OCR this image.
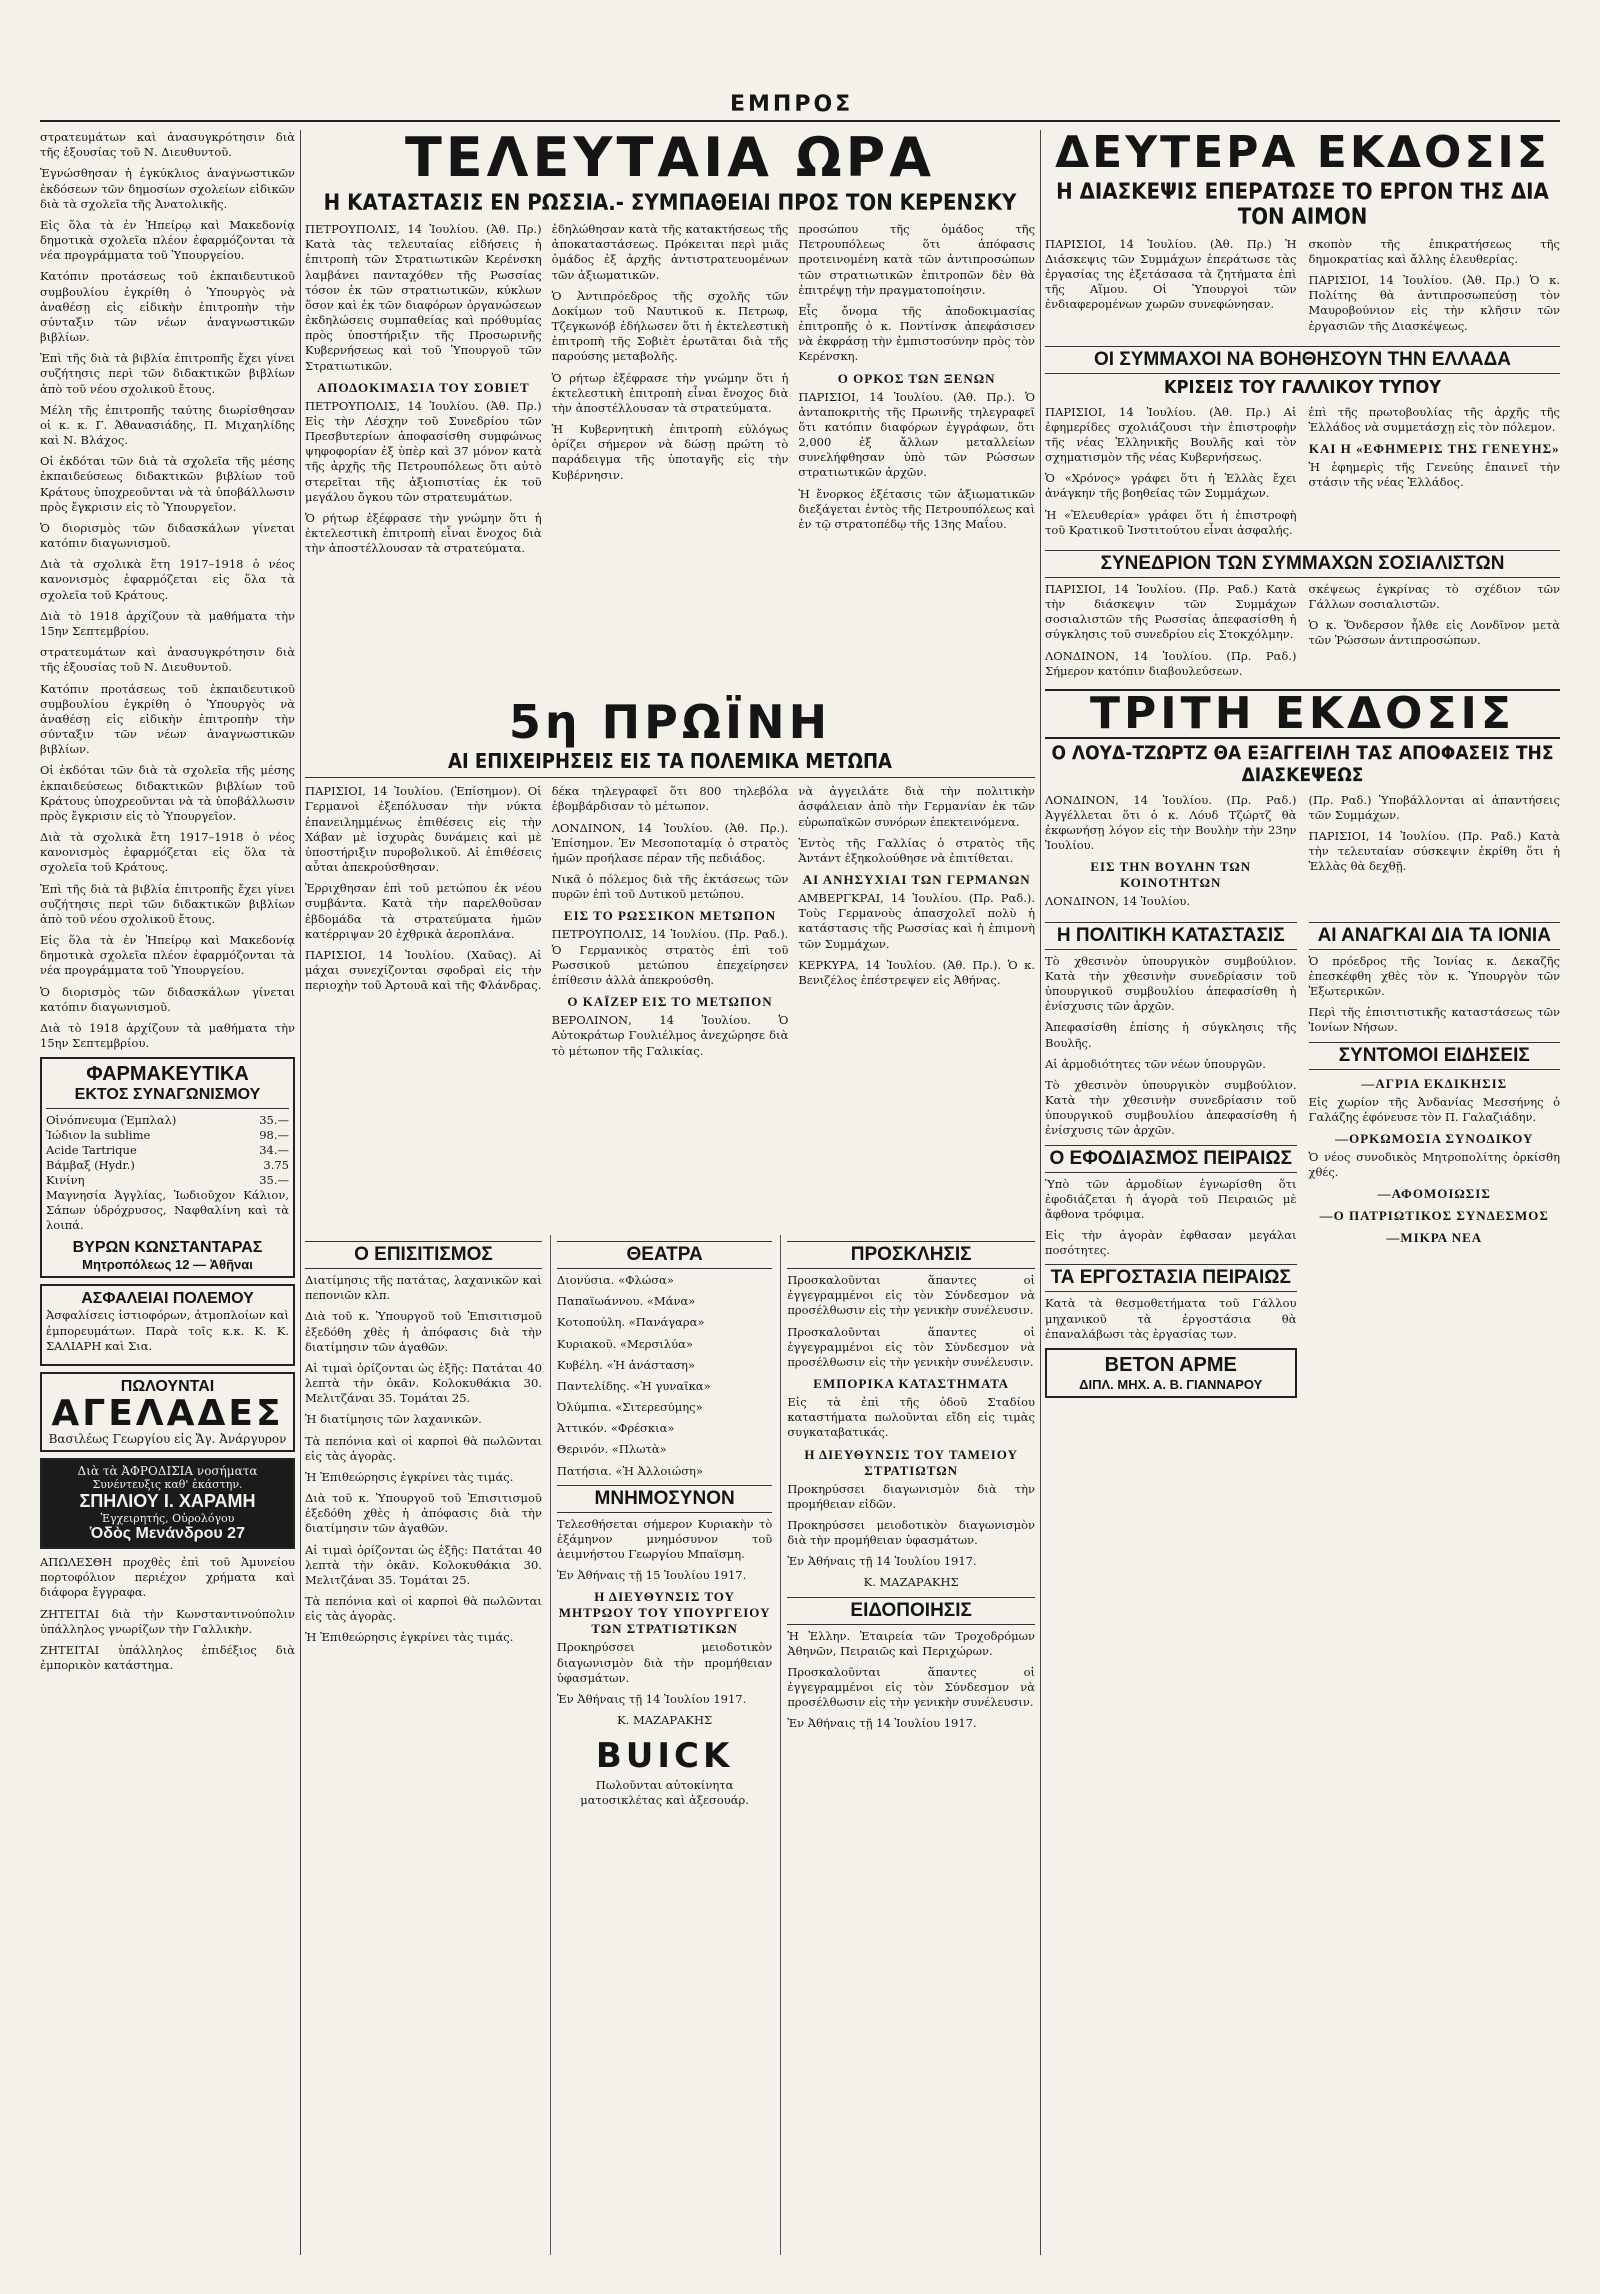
ΕΜΠΡΟΣ

στρατευμάτων καὶ ἀνασυγκρότησιν διὰ τῆς ἐξουσίας τοῦ Ν. Διευθυντοῦ.

Ἐγνώσθησαν ἡ ἐγκύκλιος ἀναγνωστικῶν ἐκδόσεων τῶν δημοσίων σχολείων εἰδικῶν διὰ τὰ σχολεῖα τῆς Ἀνατολικῆς.

Εἰς ὅλα τὰ ἐν Ἠπείρῳ καὶ Μακεδονίᾳ δημοτικὰ σχολεῖα πλέον ἐφαρμόζονται τὰ νέα προγράμματα τοῦ Ὑπουργείου.

Κατόπιν προτάσεως τοῦ ἐκπαιδευτικοῦ συμβουλίου ἐγκρίθη ὁ Ὑπουργὸς νὰ ἀναθέσῃ εἰς εἰδικὴν ἐπιτροπὴν τὴν σύνταξιν τῶν νέων ἀναγνωστικῶν βιβλίων.

Ἐπὶ τῆς διὰ τὰ βιβλία ἐπιτροπῆς ἔχει γίνει συζήτησις περὶ τῶν διδακτικῶν βιβλίων ἀπὸ τοῦ νέου σχολικοῦ ἔτους.

Μέλη τῆς ἐπιτροπῆς ταύτης διωρίσθησαν οἱ κ. κ. Γ. Ἀθανασιάδης, Π. Μιχαηλίδης καὶ Ν. Βλάχος.

Οἱ ἐκδόται τῶν διὰ τὰ σχολεῖα τῆς μέσης ἐκπαιδεύσεως διδακτικῶν βιβλίων τοῦ Κράτους ὑποχρεοῦνται νὰ τὰ ὑποβάλλωσιν πρὸς ἔγκρισιν εἰς τὸ Ὑπουργεῖον.

Ὁ διορισμὸς τῶν διδασκάλων γίνεται κατόπιν διαγωνισμοῦ.

Διὰ τὰ σχολικὰ ἔτη 1917–1918 ὁ νέος κανονισμὸς ἐφαρμόζεται εἰς ὅλα τὰ σχολεῖα τοῦ Κράτους.

Διὰ τὸ 1918 ἀρχίζουν τὰ μαθήματα τὴν 15ην Σεπτεμβρίου.

στρατευμάτων καὶ ἀνασυγκρότησιν διὰ τῆς ἐξουσίας τοῦ Ν. Διευθυντοῦ.

Κατόπιν προτάσεως τοῦ ἐκπαιδευτικοῦ συμβουλίου ἐγκρίθη ὁ Ὑπουργὸς νὰ ἀναθέσῃ εἰς εἰδικὴν ἐπιτροπὴν τὴν σύνταξιν τῶν νέων ἀναγνωστικῶν βιβλίων.

Οἱ ἐκδόται τῶν διὰ τὰ σχολεῖα τῆς μέσης ἐκπαιδεύσεως διδακτικῶν βιβλίων τοῦ Κράτους ὑποχρεοῦνται νὰ τὰ ὑποβάλλωσιν πρὸς ἔγκρισιν εἰς τὸ Ὑπουργεῖον.

Διὰ τὰ σχολικὰ ἔτη 1917–1918 ὁ νέος κανονισμὸς ἐφαρμόζεται εἰς ὅλα τὰ σχολεῖα τοῦ Κράτους.

Ἐπὶ τῆς διὰ τὰ βιβλία ἐπιτροπῆς ἔχει γίνει συζήτησις περὶ τῶν διδακτικῶν βιβλίων ἀπὸ τοῦ νέου σχολικοῦ ἔτους.

Εἰς ὅλα τὰ ἐν Ἠπείρῳ καὶ Μακεδονίᾳ δημοτικὰ σχολεῖα πλέον ἐφαρμόζονται τὰ νέα προγράμματα τοῦ Ὑπουργείου.

Ὁ διορισμὸς τῶν διδασκάλων γίνεται κατόπιν διαγωνισμοῦ.

Διὰ τὸ 1918 ἀρχίζουν τὰ μαθήματα τὴν 15ην Σεπτεμβρίου.

ΦΑΡΜΑΚΕΥΤΙΚΑ
ΕΚΤΟΣ ΣΥΝΑΓΩΝΙΣΜΟΥ
Οἰνόπνευμα (Ἐμπλαλ)	35.—
Ἰώδιον la sublime	98.—
Acide Tartrique	34.—
Βάμβαξ (Hydr.)	3.75
Κινίνη	35.—

Μαγνησία Ἀγγλίας, Ἰωδιοῦχον Κάλιον, Σάπων ὑδρόχρυσος, Ναφθαλίνη καὶ τὰ λοιπά.

ΒΥΡΩΝ ΚΩΝΣΤΑΝΤΑΡΑΣ
Μητροπόλεως 12 — Ἀθῆναι
ΑΣΦΑΛΕΙΑΙ ΠΟΛΕΜΟΥ

Ἀσφαλίσεις ἱστιοφόρων, ἀτμοπλοίων καὶ ἐμπορευμάτων. Παρὰ τοῖς κ.κ. Κ. Κ. ΣΑΛΙΑΡΗ καὶ Σια.

ΠΩΛΟΥΝΤΑΙ
ΑΓΕΛΑΔΕΣ
Βασιλέως Γεωργίου εἰς Ἄγ. Ἀνάργυρον
Διὰ τὰ ἈΦΡΟΔΙΣΙΑ νοσήματα
Συνέντευξις καθ' ἑκάστην.
ΣΠΗΛΙΟΥ Ι. ΧΑΡΑΜΗ
Ἐγχειρητής, Οὐρολόγου
Ὁδὸς Μενάνδρου 27

ΑΠΩΛΕΣΘΗ προχθὲς ἐπὶ τοῦ Ἀμυνείου πορτοφόλιον περιέχον χρήματα καὶ διάφορα ἔγγραφα.

ΖΗΤΕΙΤΑΙ διὰ τὴν Κωνσταντινούπολιν ὑπάλληλος γνωρίζων τὴν Γαλλικὴν.

ΖΗΤΕΙΤΑΙ ὑπάλληλος ἐπιδέξιος διὰ ἐμπορικὸν κατάστημα.

ΤΕΛΕΥΤΑΙΑ ΩΡΑ
Η ΚΑΤΑΣΤΑΣΙΣ ΕΝ ΡΩΣΣΙΑ.- ΣΥΜΠΑΘΕΙΑΙ ΠΡΟΣ ΤΟΝ ΚΕΡΕΝΣΚΥ

ΠΕΤΡΟΥΠΟΛΙΣ, 14 Ἰουλίου. (Ἀθ. Πρ.) Κατὰ τὰς τελευταίας εἰδήσεις ἡ ἐπιτροπὴ τῶν Στρατιωτικῶν Κερένσκη λαμβάνει πανταχόθεν τῆς Ρωσσίας τόσον ἐκ τῶν στρατιωτικῶν, κύκλων ὅσον καὶ ἐκ τῶν διαφόρων ὀργανώσεων ἐκδηλώσεις συμπαθείας καὶ πρόθυμίας πρὸς ὑποστήριξιν τῆς Προσωρινῆς Κυβερνήσεως καὶ τοῦ Ὑπουργοῦ τῶν Στρατιωτικῶν.

ΑΠΟΔΟΚΙΜΑΣΙΑ ΤΟΥ ΣΟΒΙΕΤ

ΠΕΤΡΟΥΠΟΛΙΣ, 14 Ἰουλίου. (Ἀθ. Πρ.) Εἰς τὴν Λέσχην τοῦ Συνεδρίου τῶν Πρεσβυτερίων ἀποφασίσθη συμφώνως ψηφοφορίαν ἐξ ὑπὲρ καὶ 37 μόνον κατὰ τῆς ἀρχῆς τῆς Πετρουπόλεως ὅτι αὐτὸ στερεῖται τῆς ἀξιοπιστίας ἐκ τοῦ μεγάλου ὄγκου τῶν στρατευμάτων.

Ὁ ρήτωρ ἐξέφρασε τὴν γνώμην ὅτι ἡ ἐκτελεστικὴ ἐπιτροπὴ εἶναι ἔνοχος διὰ τὴν ἀποστέλλουσαν τὰ στρατεύματα.

ἐδηλώθησαν κατὰ τῆς κατακτήσεως τῆς ἀποκαταστάσεως. Πρόκειται περὶ μιᾶς ὁμάδος ἐξ ἀρχῆς ἀντιστρατευομένων τῶν ἀξιωματικῶν.

Ὁ Ἀντιπρόεδρος τῆς σχολῆς τῶν Δοκίμων τοῦ Ναυτικοῦ κ. Πετρωφ, Τζεγκωνόβ ἐδήλωσεν ὅτι ἡ ἐκτελεστικὴ ἐπιτροπὴ τῆς Σοβιὲτ ἐρωτᾶται διὰ τῆς παρούσης μεταβολῆς.

Ὁ ρήτωρ ἐξέφρασε τὴν γνώμην ὅτι ἡ ἐκτελεστικὴ ἐπιτροπὴ εἶναι ἔνοχος διὰ τὴν ἀποστέλλουσαν τὰ στρατεύματα.

Ἡ Κυβερνητικὴ ἐπιτροπὴ εὐλόγως ὁρίζει σήμερον νὰ δώσῃ πρώτη τὸ παράδειγμα τῆς ὑποταγῆς εἰς τὴν Κυβέρνησιν.

προσώπου τῆς ὁμάδος τῆς Πετρουπόλεως ὅτι ἀπόφασις προτεινομένη κατὰ τῶν ἀντιπροσώπων τῶν στρατιωτικῶν ἐπιτροπῶν δὲν θὰ ἐπιτρέψῃ τὴν πραγματοποίησιν.

Εἶς ὄνομα τῆς ἀποδοκιμασίας ἐπιτροπῆς ὁ κ. Ποντίνσκ ἀπεφάσισεν νὰ ἐκφράσῃ τὴν ἐμπιστοσύνην πρὸς τὸν Κερένσκη.

Ο ΟΡΚΟΣ ΤΩΝ ΞΕΝΩΝ

ΠΑΡΙΣΙΟΙ, 14 Ἰουλίου. (Ἀθ. Πρ.). Ὁ ἀνταποκριτὴς τῆς Πρωινῆς τηλεγραφεῖ ὅτι κατόπιν διαφόρων ἐγγράφων, ὅτι 2,000 ἐξ ἄλλων μεταλλείων συνελήφθησαν ὑπὸ τῶν Ρώσσων στρατιωτικῶν ἀρχῶν.

Ἡ ἔνορκος ἐξέτασις τῶν ἀξιωματικῶν διεξάγεται ἐντὸς τῆς Πετρουπόλεως καὶ ἐν τῷ στρατοπέδῳ τῆς 13ης Μαΐου.

5η ΠΡΩΪΝΗ
ΑΙ ΕΠΙΧΕΙΡΗΣΕΙΣ ΕΙΣ ΤΑ ΠΟΛΕΜΙΚΑ ΜΕΤΩΠΑ

ΠΑΡΙΣΙΟΙ, 14 Ἰουλίου. (Ἐπίσημον). Οἱ Γερμανοὶ ἐξεπόλυσαν τὴν νύκτα ἐπανειλημμένως ἐπιθέσεις εἰς τὴν Χάβαν μὲ ἰσχυρὰς δυνάμεις καὶ μὲ ὑποστήριξιν πυροβολικοῦ. Αἱ ἐπιθέσεις αὗται ἀπεκρούσθησαν.

Ἐρριχθησαν ἐπὶ τοῦ μετώπου ἐκ νέου συμβάντα. Κατὰ τὴν παρελθοῦσαν ἑβδομάδα τὰ στρατεύματα ἡμῶν κατέρριψαν 20 ἐχθρικὰ ἀεροπλάνα.

ΠΑΡΙΣΙΟΙ, 14 Ἰουλίου. (Χαῦας). Αἱ μάχαι συνεχίζονται σφοδραὶ εἰς τὴν περιοχὴν τοῦ Ἀρτουᾶ καὶ τῆς Φλάνδρας.

δέκα τηλεγραφεῖ ὅτι 800 τηλεβόλα ἐβομβάρδισαν τὸ μέτωπον.

ΛΟΝΔΙΝΟΝ, 14 Ἰουλίου. (Ἀθ. Πρ.). Ἐπίσημον. Ἐν Μεσοποταμίᾳ ὁ στρατὸς ἡμῶν προήλασε πέραν τῆς πεδιάδος.

Νικᾶ ὁ πόλεμος διὰ τῆς ἐκτάσεως τῶν πυρῶν ἐπὶ τοῦ Δυτικοῦ μετώπου.

ΕΙΣ ΤΟ ΡΩΣΣΙΚΟΝ ΜΕΤΩΠΟΝ

ΠΕΤΡΟΥΠΟΛΙΣ, 14 Ἰουλίου. (Πρ. Ραδ.). Ὁ Γερμανικὸς στρατὸς ἐπὶ τοῦ Ρωσσικοῦ μετώπου ἐπεχείρησεν ἐπίθεσιν ἀλλὰ ἀπεκρούσθη.

Ο ΚΑΪΖΕΡ ΕΙΣ ΤΟ ΜΕΤΩΠΟΝ

ΒΕΡΟΛΙΝΟΝ, 14 Ἰουλίου. Ὁ Αὐτοκράτωρ Γουλιέλμος ἀνεχώρησε διὰ τὸ μέτωπον τῆς Γαλικίας.

νὰ ἀγγειλάτε διὰ τὴν πολιτικὴν ἀσφάλειαν ἀπὸ τὴν Γερμανίαν ἐκ τῶν εὐρωπαϊκῶν συνόρων ἐπεκτεινόμενα.

Ἐντὸς τῆς Γαλλίας ὁ στρατὸς τῆς Ἀντάντ ἐξηκολούθησε νὰ ἐπιτίθεται.

ΑΙ ΑΝΗΣΥΧΙΑΙ ΤΩΝ ΓΕΡΜΑΝΩΝ

ΑΜΒΕΡΓΚΡΑΙ, 14 Ἰουλίου. (Πρ. Ραδ.). Τοὺς Γερμανοὺς ἀπασχολεῖ πολὺ ἡ κατάστασις τῆς Ρωσσίας καὶ ἡ ἐπιμονὴ τῶν Συμμάχων.

ΚΕΡΚΥΡΑ, 14 Ἰουλίου. (Ἀθ. Πρ.). Ὁ κ. Βενιζέλος ἐπέστρεψεν εἰς Ἀθήνας.

Ο ΕΠΙΣΙΤΙΣΜΟΣ

Διατίμησις τῆς πατάτας, λαχανικῶν καὶ πεπονιῶν κλπ.

Διὰ τοῦ κ. Ὑπουργοῦ τοῦ Ἐπισιτισμοῦ ἐξεδόθη χθὲς ἡ ἀπόφασις διὰ τὴν διατίμησιν τῶν ἀγαθῶν.

Αἱ τιμαὶ ὁρίζονται ὡς ἑξῆς: Πατάται 40 λεπτὰ τὴν ὀκᾶν. Κολοκυθάκια 30. Μελιτζάναι 35. Τομάται 25.

Ἡ διατίμησις τῶν λαχανικῶν.

Τὰ πεπόνια καὶ οἱ καρποὶ θὰ πωλῶνται εἰς τὰς ἀγορὰς.

Ἡ Ἐπιθεώρησις ἐγκρίνει τὰς τιμάς.

Διὰ τοῦ κ. Ὑπουργοῦ τοῦ Ἐπισιτισμοῦ ἐξεδόθη χθὲς ἡ ἀπόφασις διὰ τὴν διατίμησιν τῶν ἀγαθῶν.

Αἱ τιμαὶ ὁρίζονται ὡς ἑξῆς: Πατάται 40 λεπτὰ τὴν ὀκᾶν. Κολοκυθάκια 30. Μελιτζάναι 35. Τομάται 25.

Τὰ πεπόνια καὶ οἱ καρποὶ θὰ πωλῶνται εἰς τὰς ἀγορὰς.

Ἡ Ἐπιθεώρησις ἐγκρίνει τὰς τιμάς.

ΘΕΑΤΡΑ
Διονύσια. «Φλώσα»
Παπαϊωάννου. «Μάνα»
Κοτοπούλη. «Πανάγαρα»
Κυριακοῦ. «Μερσιλύα»
Κυβέλη. «Ἡ ἀνάσταση»
Παντελίδης. «Ἡ γυναῖκα»
Ὀλύμπια. «Σιτερεσύμης»
Ἀττικόν. «Φρέσκια»
Θερινόν. «Πλωτὰ»
Πατήσια. «Ἡ Ἀλλοιώση»
ΜΝΗΜΟΣΥΝΟΝ

Τελεσθήσεται σήμερον Κυριακὴν τὸ ἑξάμηνον μνημόσυνον τοῦ ἀειμνήστου Γεωργίου Μπαϊσμη.

Ἐν Ἀθήναις τῇ 15 Ἰουλίου 1917.

Η ΔΙΕΥΘΥΝΣΙΣ ΤΟΥ ΜΗΤΡΩΟΥ ΤΟΥ ΥΠΟΥΡΓΕΙΟΥ ΤΩΝ ΣΤΡΑΤΙΩΤΙΚΩΝ

Προκηρύσσει μειοδοτικὸν διαγωνισμὸν διὰ τὴν προμήθειαν ὑφασμάτων.

Ἐν Ἀθήναις τῇ 14 Ἰουλίου 1917.

Κ. ΜΑΖΑΡΑΚΗΣ

BUICK

Πωλοῦνται αὐτοκίνητα ματοσικλέτας καὶ ἀξεσουάρ.

ΠΡΟΣΚΛΗΣΙΣ

Προσκαλοῦνται ἅπαντες οἱ ἐγγεγραμμένοι εἰς τὸν Σύνδεσμον νὰ προσέλθωσιν εἰς τὴν γενικὴν συνέλευσιν.

Προσκαλοῦνται ἅπαντες οἱ ἐγγεγραμμένοι εἰς τὸν Σύνδεσμον νὰ προσέλθωσιν εἰς τὴν γενικὴν συνέλευσιν.

ΕΜΠΟΡΙΚΑ ΚΑΤΑΣΤΗΜΑΤΑ

Εἰς τὰ ἐπὶ τῆς ὁδοῦ Σταδίου καταστήματα πωλοῦνται εἴδη εἰς τιμὰς συγκαταβατικάς.

Η ΔΙΕΥΘΥΝΣΙΣ ΤΟΥ ΤΑΜΕΙΟΥ ΣΤΡΑΤΙΩΤΩΝ

Προκηρύσσει διαγωνισμὸν διὰ τὴν προμήθειαν εἰδῶν.

Προκηρύσσει μειοδοτικὸν διαγωνισμὸν διὰ τὴν προμήθειαν ὑφασμάτων.

Ἐν Ἀθήναις τῇ 14 Ἰουλίου 1917.

Κ. ΜΑΖΑΡΑΚΗΣ

ΕΙΔΟΠΟΙΗΣΙΣ

Ἡ Ἑλλην. Ἑταιρεία τῶν Τροχοδρόμων Ἀθηνῶν, Πειραιῶς καὶ Περιχώρων.

Προσκαλοῦνται ἅπαντες οἱ ἐγγεγραμμένοι εἰς τὸν Σύνδεσμον νὰ προσέλθωσιν εἰς τὴν γενικὴν συνέλευσιν.

Ἐν Ἀθήναις τῇ 14 Ἰουλίου 1917.

ΔΕΥΤΕΡΑ ΕΚΔΟΣΙΣ
Η ΔΙΑΣΚΕΨΙΣ ΕΠΕΡΑΤΩΣΕ ΤΟ ΕΡΓΟΝ ΤΗΣ ΔΙΑ ΤΟΝ ΑΙΜΟΝ

ΠΑΡΙΣΙΟΙ, 14 Ἰουλίου. (Ἀθ. Πρ.) Ἡ Διάσκεψις τῶν Συμμάχων ἐπεράτωσε τὰς ἐργασίας της ἐξετάσασα τὰ ζητήματα ἐπὶ τῆς Αἵμου. Οἱ Ὑπουργοὶ τῶν ἐνδιαφερομένων χωρῶν συνεφώνησαν.

σκοπὸν τῆς ἐπικρατήσεως τῆς δημοκρατίας καὶ ἄλλης ἐλευθερίας.

ΠΑΡΙΣΙΟΙ, 14 Ἰουλίου. (Ἀθ. Πρ.) Ὁ κ. Πολίτης θὰ ἀντιπροσωπεύσῃ τὸν Μαυροβούνιον εἰς τὴν κλῆσιν τῶν ἐργασιῶν τῆς Διασκέψεως.

ΟΙ ΣΥΜΜΑΧΟΙ ΝΑ ΒΟΗΘΗΣΟΥΝ ΤΗΝ ΕΛΛΑΔΑ
ΚΡΙΣΕΙΣ ΤΟΥ ΓΑΛΛΙΚΟΥ ΤΥΠΟΥ

ΠΑΡΙΣΙΟΙ, 14 Ἰουλίου. (Ἀθ. Πρ.) Αἱ ἐφημερίδες σχολιάζουσι τὴν ἐπιστροφὴν τῆς νέας Ἑλληνικῆς Βουλῆς καὶ τὸν σχηματισμὸν τῆς νέας Κυβερνήσεως.

Ὁ «Χρόνος» γράφει ὅτι ἡ Ἑλλὰς ἔχει ἀνάγκην τῆς βοηθείας τῶν Συμμάχων.

Ἡ «Ἐλευθερία» γράφει ὅτι ἡ ἐπιστροφὴ τοῦ Κρατικοῦ Ἰνστιτούτου εἶναι ἀσφαλής.

ἐπὶ τῆς πρωτοβουλίας τῆς ἀρχῆς τῆς Ἑλλάδος νὰ συμμετάσχῃ εἰς τὸν πόλεμον.

ΚΑΙ Η «ΕΦΗΜΕΡΙΣ ΤΗΣ ΓΕΝΕΥΗΣ»

Ἡ ἐφημερὶς τῆς Γενεύης ἐπαινεῖ τὴν στάσιν τῆς νέας Ἑλλάδος.

ΣΥΝΕΔΡΙΟΝ ΤΩΝ ΣΥΜΜΑΧΩΝ ΣΟΣΙΑΛΙΣΤΩΝ

ΠΑΡΙΣΙΟΙ, 14 Ἰουλίου. (Πρ. Ραδ.) Κατὰ τὴν διάσκεψιν τῶν Συμμάχων σοσιαλιστῶν τῆς Ρωσσίας ἀπεφασίσθη ἡ σύγκλησις τοῦ συνεδρίου εἰς Στοκχόλμην.

ΛΟΝΔΙΝΟΝ, 14 Ἰουλίου. (Πρ. Ραδ.) Σήμερον κατόπιν διαβουλεύσεων.

σκέψεως ἐγκρίνας τὸ σχέδιον τῶν Γάλλων σοσιαλιστῶν.

Ὁ κ. Ὅνδερσον ἦλθε εἰς Λονδῖνον μετὰ τῶν Ῥώσσων ἀντιπροσώπων.

ΤΡΙΤΗ ΕΚΔΟΣΙΣ
Ο ΛΟΥΔ-ΤΖΩΡΤΖ ΘΑ ΕΞΑΓΓΕΙΛΗ ΤΑΣ ΑΠΟΦΑΣΕΙΣ ΤΗΣ ΔΙΑΣΚΕΨΕΩΣ

ΛΟΝΔΙΝΟΝ, 14 Ἰουλίου. (Πρ. Ραδ.) Ἀγγέλλεται ὅτι ὁ κ. Λόυδ Τζώρτζ θὰ ἐκφωνήσῃ λόγον εἰς τὴν Βουλὴν τὴν 23ην Ἰουλίου.

ΕΙΣ ΤΗΝ ΒΟΥΛΗΝ ΤΩΝ ΚΟΙΝΟΤΗΤΩΝ

ΛΟΝΔΙΝΟΝ, 14 Ἰουλίου.

(Πρ. Ραδ.) Ὑποβάλλονται αἱ ἀπαντήσεις τῶν Συμμάχων.

ΠΑΡΙΣΙΟΙ, 14 Ἰουλίου. (Πρ. Ραδ.) Κατὰ τὴν τελευταίαν σύσκεψιν ἐκρίθη ὅτι ἡ Ἑλλὰς θὰ δεχθῇ.

Η ΠΟΛΙΤΙΚΗ ΚΑΤΑΣΤΑΣΙΣ

Τὸ χθεσινὸν ὑπουργικὸν συμβούλιον. Κατὰ τὴν χθεσινὴν συνεδρίασιν τοῦ ὑπουργικοῦ συμβουλίου ἀπεφασίσθη ἡ ἐνίσχυσις τῶν ἀρχῶν.

Ἀπεφασίσθη ἐπίσης ἡ σύγκλησις τῆς Βουλῆς.

Αἱ ἀρμοδιότητες τῶν νέων ὑπουργῶν.

Τὸ χθεσινὸν ὑπουργικὸν συμβούλιον. Κατὰ τὴν χθεσινὴν συνεδρίασιν τοῦ ὑπουργικοῦ συμβουλίου ἀπεφασίσθη ἡ ἐνίσχυσις τῶν ἀρχῶν.

Ο ΕΦΟΔΙΑΣΜΟΣ ΠΕΙΡΑΙΩΣ

Ὑπὸ τῶν ἁρμοδίων ἐγνωρίσθη ὅτι ἐφοδιάζεται ἡ ἀγορὰ τοῦ Πειραιῶς μὲ ἄφθονα τρόφιμα.

Εἰς τὴν ἀγορὰν ἐφθασαν μεγάλαι ποσότητες.

ΤΑ ΕΡΓΟΣΤΑΣΙΑ ΠΕΙΡΑΙΩΣ

Κατὰ τὰ θεσμοθετήματα τοῦ Γάλλου μηχανικοῦ τὰ ἐργοστάσια θὰ ἐπαναλάβωσι τὰς ἐργασίας των.

ΒΕΤΟΝ ΑΡΜΕ
ΔΙΠΛ. ΜΗΧ. Α. Β. ΓΙΑΝΝΑΡΟΥ
ΑΙ ΑΝΑΓΚΑΙ ΔΙΑ ΤΑ ΙΟΝΙΑ

Ὁ πρόεδρος τῆς Ἰονίας κ. Δεκαζῆς ἐπεσκέφθη χθὲς τὸν κ. Ὑπουργὸν τῶν Ἐξωτερικῶν.

Περὶ τῆς ἐπισιτιστικῆς καταστάσεως τῶν Ἰονίων Νήσων.

ΣΥΝΤΟΜΟΙ ΕΙΔΗΣΕΙΣ
—ΑΓΡΙΑ ΕΚΔΙΚΗΣΙΣ

Εἰς χωρίον τῆς Ἀνδανίας Μεσσήνης ὁ Γαλάζης ἐφόνευσε τὸν Π. Γαλαζιάδην.

—ΟΡΚΩΜΟΣΙΑ ΣΥΝΟΔΙΚΟΥ

Ὁ νέος συνοδικὸς Μητροπολίτης ὁρκίσθη χθές.

—ΑΦΟΜΟΙΩΣΙΣ
—Ο ΠΑΤΡΙΩΤΙΚΟΣ ΣΥΝΔΕΣΜΟΣ
—ΜΙΚΡΑ ΝΕΑ
